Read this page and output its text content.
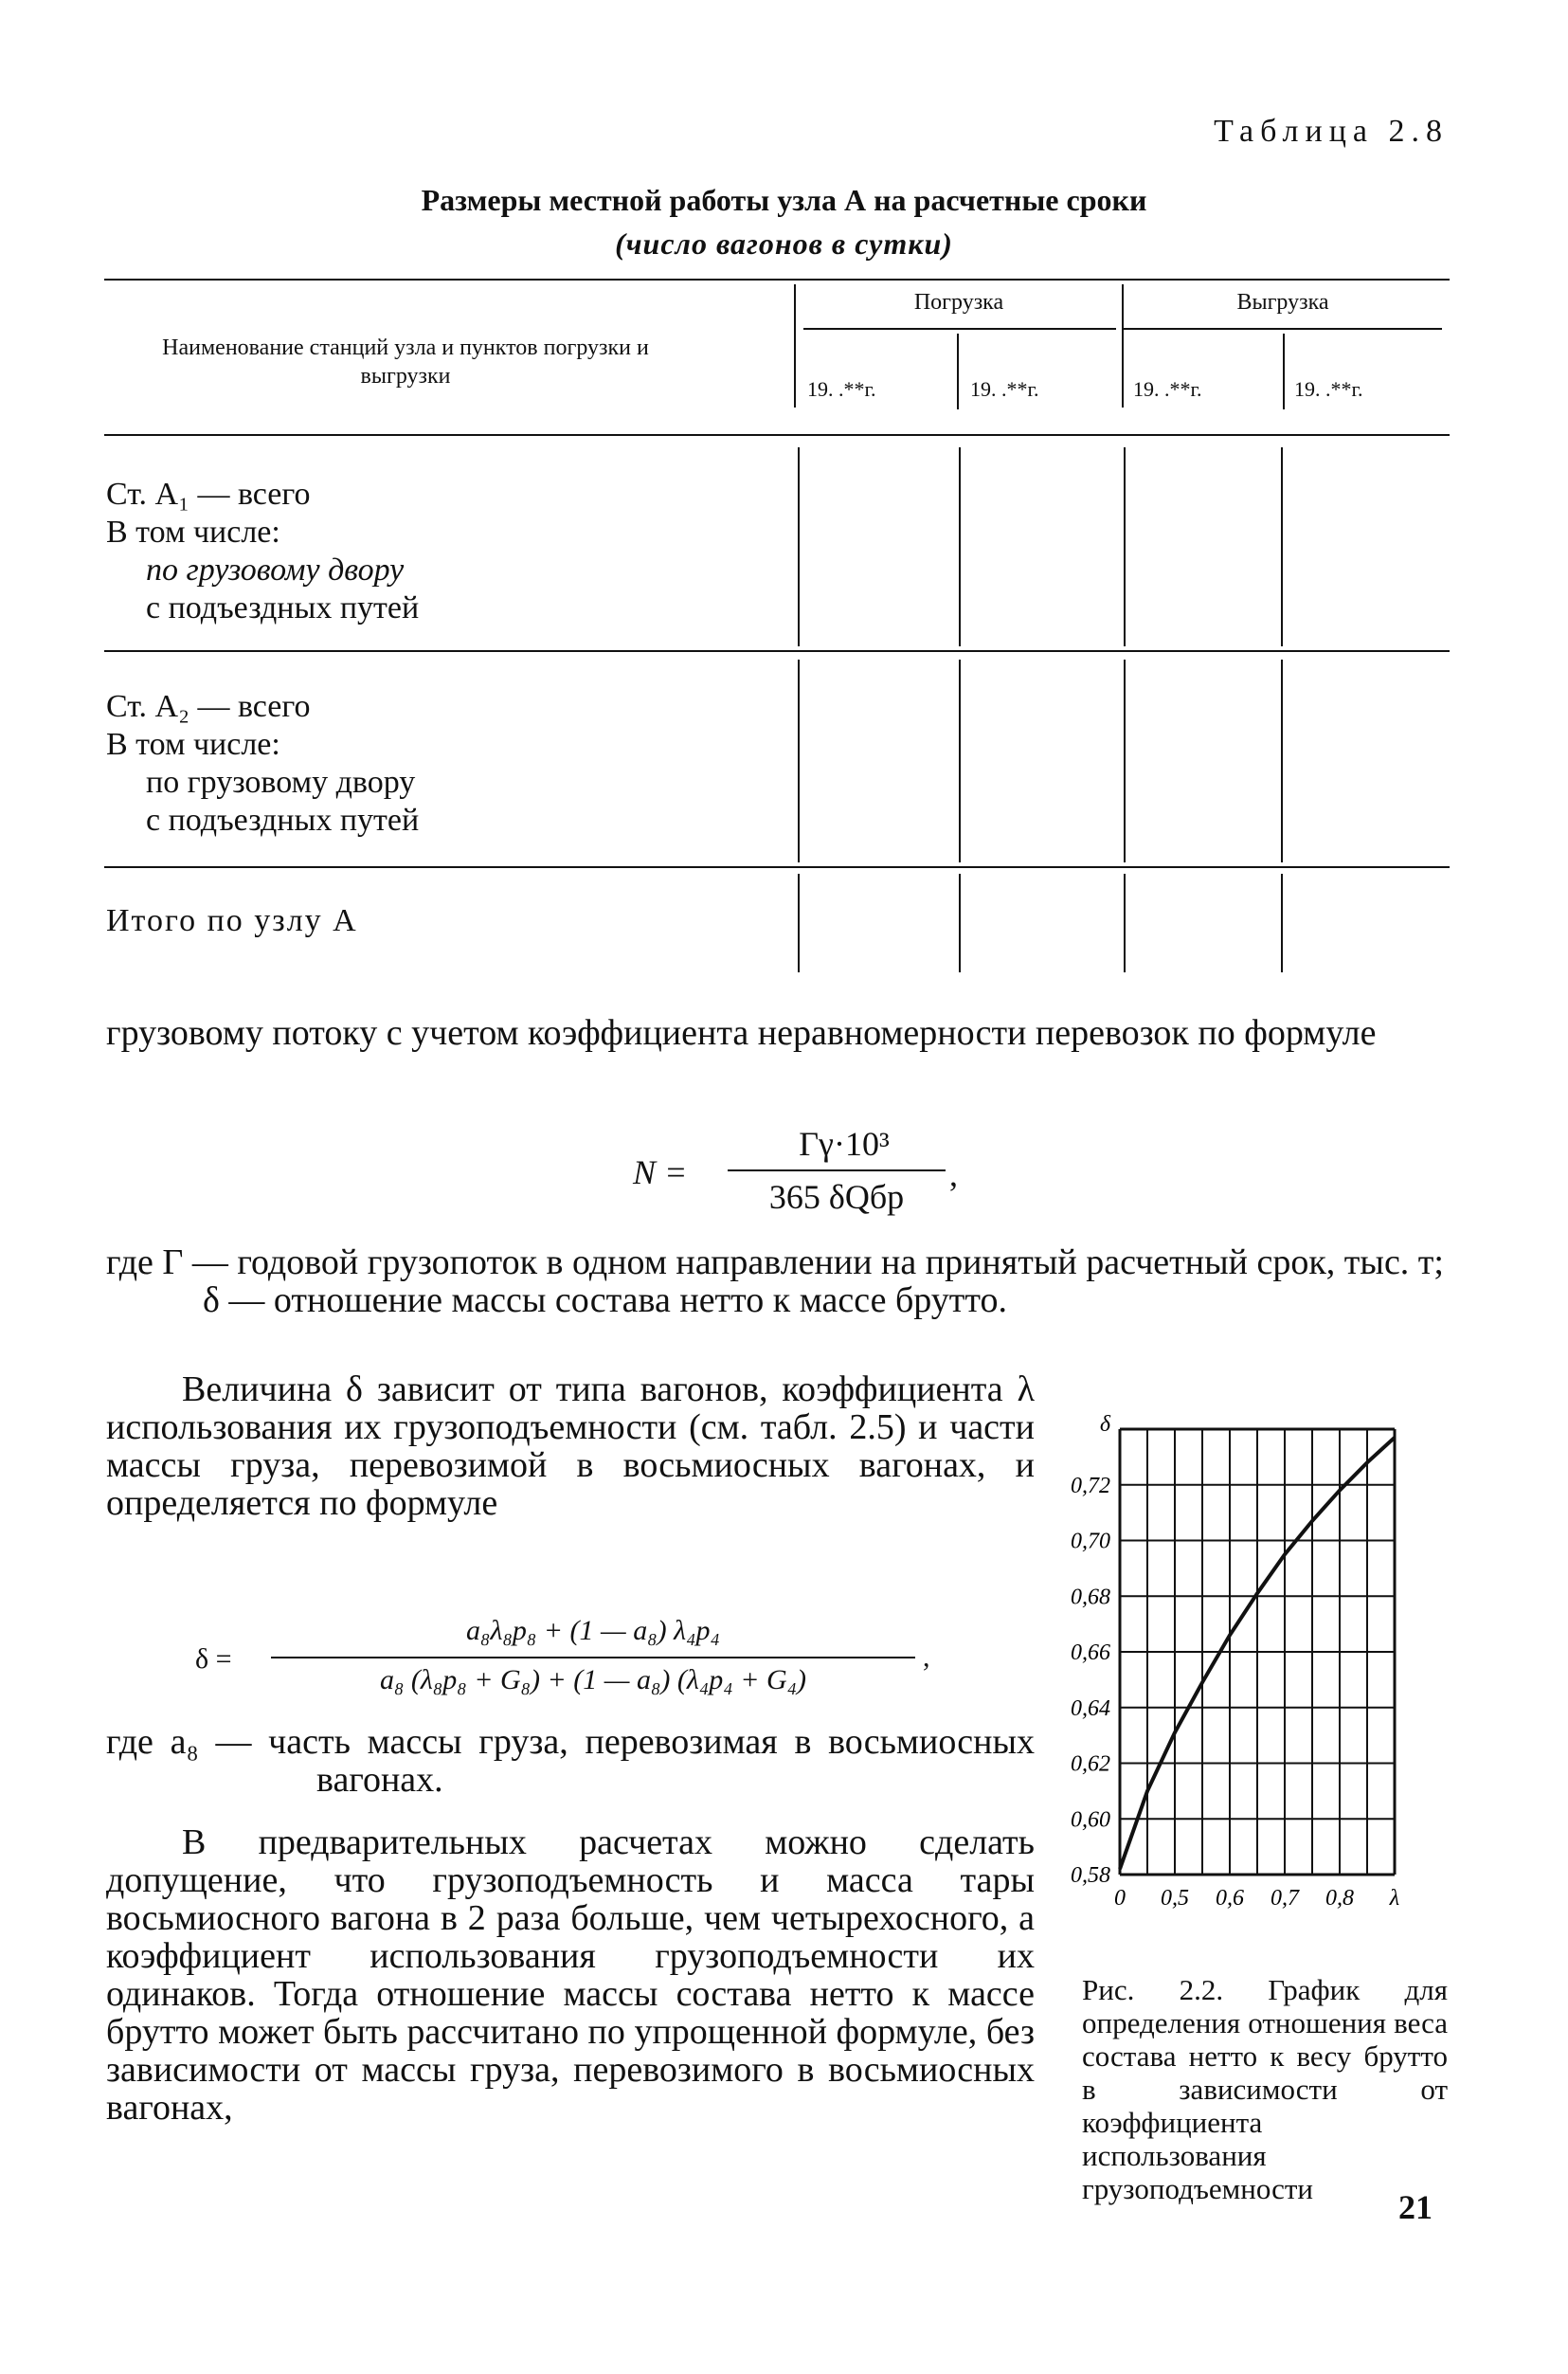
Таблица 2.8
Размеры местной работы узла А на расчетные сроки
(число вагонов в сутки)
Наименование станций узла и пунктов погрузки и выгрузки
Погрузка	Выгрузка
19. .**г.	19. .**г.	19. .**г.	19. .**г.
Ст. А₁ — всего
В том числе:
по грузовому двору
с подъездных путей
Ст. А₂ — всего
В том числе:
по грузовому двору
с подъездных путей
Итого по узлу А
грузовому потоку с учетом коэффициента неравномерности перевозок по формуле
N =
Гγ·10³
365 δQбр
,

где Г — годовой грузопоток в одном направлении на принятый расчетный срок, тыс. т;

δ — отношение массы состава нетто к массе брутто.

Величина δ зависит от типа вагонов, коэффициента λ использования их грузоподъемности (см. табл. 2.5) и части массы груза, перевозимой в восьмиосных вагонах, и определяется по формуле
δ =
a₈λ₈p₈ + (1 — a₈) λ₄p₄
a₈ (λ₈p₈ + G₈) + (1 — a₈) (λ₄p₄ + G₄)
,

где a₈ — часть массы груза, перевозимая в восьмиосных вагонах.

В предварительных расчетах можно сделать допущение, что грузоподъемность и масса тары восьмиосного вагона в 2 раза больше, чем четырехосного, а коэффициент использования грузоподъемности их одинаков. Тогда отношение массы состава нетто к массе брутто может быть рассчитано по упрощенной формуле, без зависимости от массы груза, перевозимого в восьмиосных вагонах,
0,58
0,60
0,62
0,64
0,66
0,68
0,70
0,72
δ
0 0,5 0,6 0,7 0,8 λ
Рис. 2.2. График для определения отношения веса состава нетто к весу брутто в зависимости от коэффициента использования грузоподъемности	21
